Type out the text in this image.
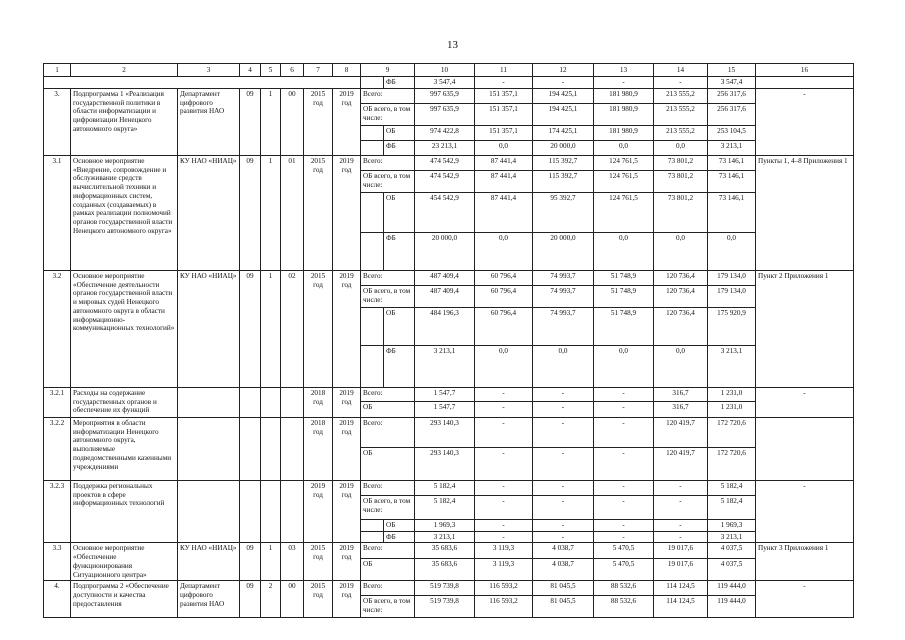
13
1	2	3	4	5	6	7	8	9		10	11	12	13	14	15	16
									ФБ	3 547,4	-	-	-	-	3 547,4	
3.	Подпрограмма 1 «Реализация государственной политики в области информатизации и цифровизации Ненецкого автономного округа»	Департамент цифрового развития НАО	09	1	00	2015 год	2019 год	Всего:		997 635,9	151 357,1	194 425,1	181 980,9	213 555,2	256 317,6	-
								ОБ всего, в том числе:		997 635,9	151 357,1	194 425,1	181 980,9	213 555,2	256 317,6	
									ОБ	974 422,8	151 357,1	174 425,1	181 980,9	213 555,2	253 104,5	
									ФБ	23 213,1	0,0	20 000,0	0,0	0,0	3 213,1	
3.1	Основное мероприятие «Внедрение, сопровождение и обслуживание средств вычислительной техники и информационных систем, созданных (создаваемых) в рамках реализации полномочий органов государственной власти Ненецкого автономного округа»	КУ НАО «НИАЦ»	09	1	01	2015 год	2019 год	Всего:		474 542,9	87 441,4	115 392,7	124 761,5	73 801,2	73 146,1	Пункты 1, 4–8 Приложения 1
								ОБ всего, в том числе:		474 542,9	87 441,4	115 392,7	124 761,5	73 801,2	73 146,1	
									ОБ	454 542,9	87 441,4	95 392,7	124 761,5	73 801,2	73 146,1	
									ФБ	20 000,0	0,0	20 000,0	0,0	0,0	0,0	
3.2	Основное мероприятие «Обеспечение деятельности органов государственной власти и мировых судей Ненецкого автономного округа в области информационно-коммуникационных технологий»	КУ НАО «НИАЦ»	09	1	02	2015 год	2019 год	Всего:		487 409,4	60 796,4	74 993,7	51 748,9	120 736,4	179 134,0	Пункт 2 Приложения 1
								ОБ всего, в том числе:		487 409,4	60 796,4	74 993,7	51 748,9	120 736,4	179 134,0	
									ОБ	484 196,3	60 796,4	74 993,7	51 748,9	120 736,4	175 920,9	
									ФБ	3 213,1	0,0	0,0	0,0	0,0	3 213,1	
3.2.1	Расходы на содержание государственных органов и обеспечение их функций					2018 год	2019 год	Всего:		1 547,7	-	-	-	316,7	1 231,0	-
								ОБ		1 547,7	-	-	-	316,7	1 231,0	
3.2.2	Мероприятия в области информатизации Ненецкого автономного округа, выполняемые подведомственными казенными учреждениями					2018 год	2019 год	Всего:		293 140,3	-	-	-	120 419,7	172 720,6	
								ОБ		293 140,3	-	-	-	120 419,7	172 720,6	
3.2.3	Поддержка региональных проектов в сфере информационных технологий					2019 год	2019 год	Всего:		5 182,4	-	-	-	-	5 182,4	-
								ОБ всего, в том числе:		5 182,4	-	-	-	-	5 182,4	
									ОБ	1 969,3	-	-	-	-	1 969,3	
									ФБ	3 213,1	-	-	-	-	3 213,1	
3.3	Основное мероприятие «Обеспечение функционирования Ситуационного центра»	КУ НАО «НИАЦ»	09	1	03	2015 год	2019 год	Всего:		35 683,6	3 119,3	4 038,7	5 470,5	19 017,6	4 037,5	Пункт 3 Приложения 1
								ОБ		35 683,6	3 119,3	4 038,7	5 470,5	19 017,6	4 037,5	
4.	Подпрограмма 2 «Обеспечение доступности и качества предоставления	Департамент цифрового развития НАО	09	2	00	2015 год	2019 год	Всего:		519 739,8	116 593,2	81 045,5	88 532,6	114 124,5	119 444,0	-
								ОБ всего, в том числе:		519 739,8	116 593,2	81 045,5	88 532,6	114 124,5	119 444,0	
